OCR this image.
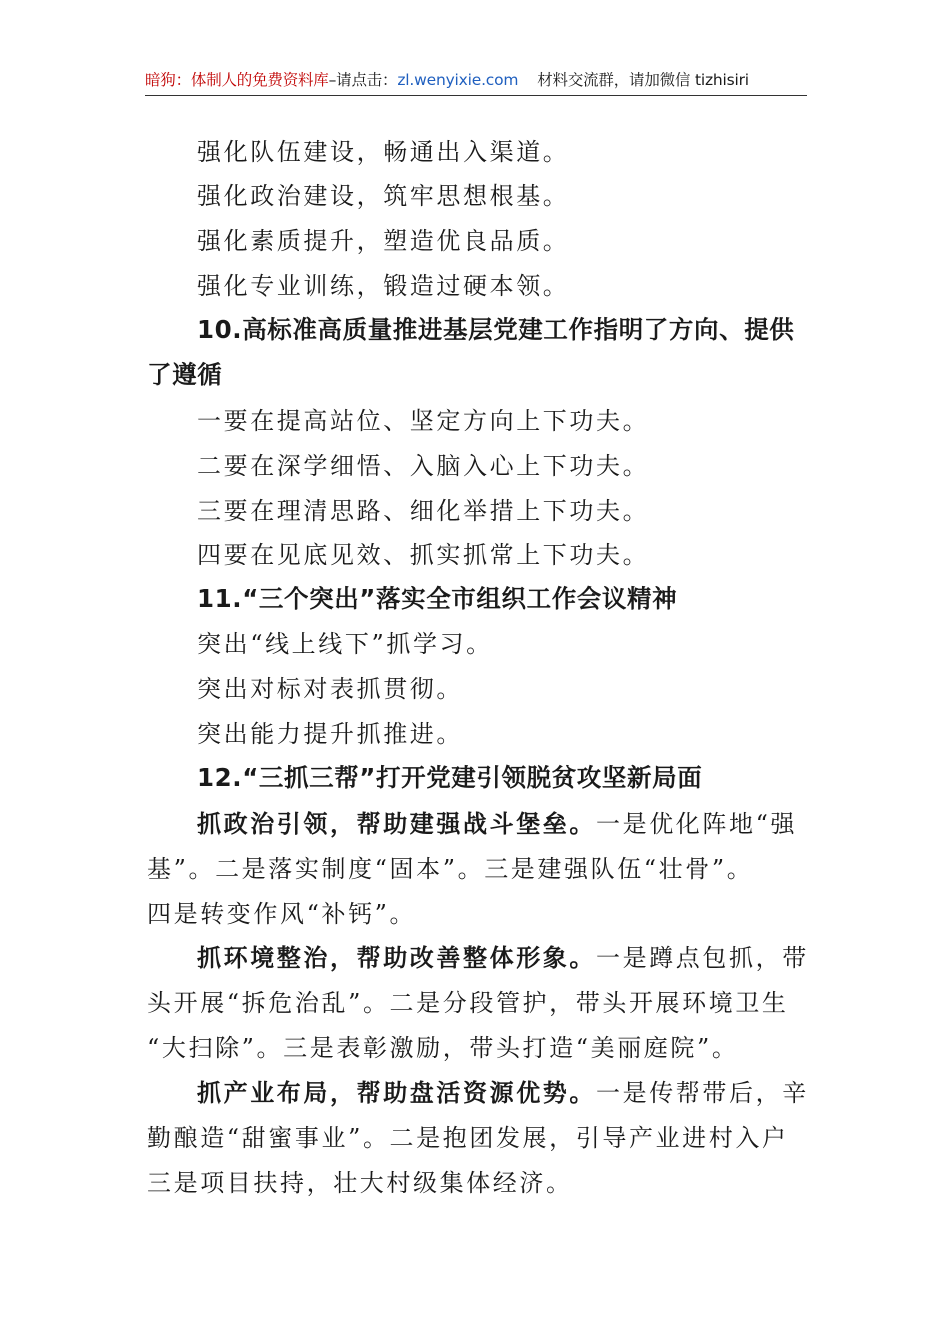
暗狗：体制人的免费资料库–请点击：zl.wenyixie.com 材料交流群，请加微信 tizhisiri
强化队伍建设，畅通出入渠道。
强化政治建设，筑牢思想根基。
强化素质提升，塑造优良品质。
强化专业训练，锻造过硬本领。
10.高标准高质量推进基层党建工作指明了方向、提供
了遵循
一要在提高站位、坚定方向上下功夫。
二要在深学细悟、入脑入心上下功夫。
三要在理清思路、细化举措上下功夫。
四要在见底见效、抓实抓常上下功夫。
11.“三个突出”落实全市组织工作会议精神
突出“线上线下”抓学习。
突出对标对表抓贯彻。
突出能力提升抓推进。
12.“三抓三帮”打开党建引领脱贫攻坚新局面
抓政治引领，帮助建强战斗堡垒。一是优化阵地“强
基”。二是落实制度“固本”。三是建强队伍“壮骨”。
四是转变作风“补钙”。
抓环境整治，帮助改善整体形象。一是蹲点包抓，带
头开展“拆危治乱”。二是分段管护，带头开展环境卫生
“大扫除”。三是表彰激励，带头打造“美丽庭院”。
抓产业布局，帮助盘活资源优势。一是传帮带后，辛
勤酿造“甜蜜事业”。二是抱团发展，引导产业进村入户
三是项目扶持，壮大村级集体经济。
